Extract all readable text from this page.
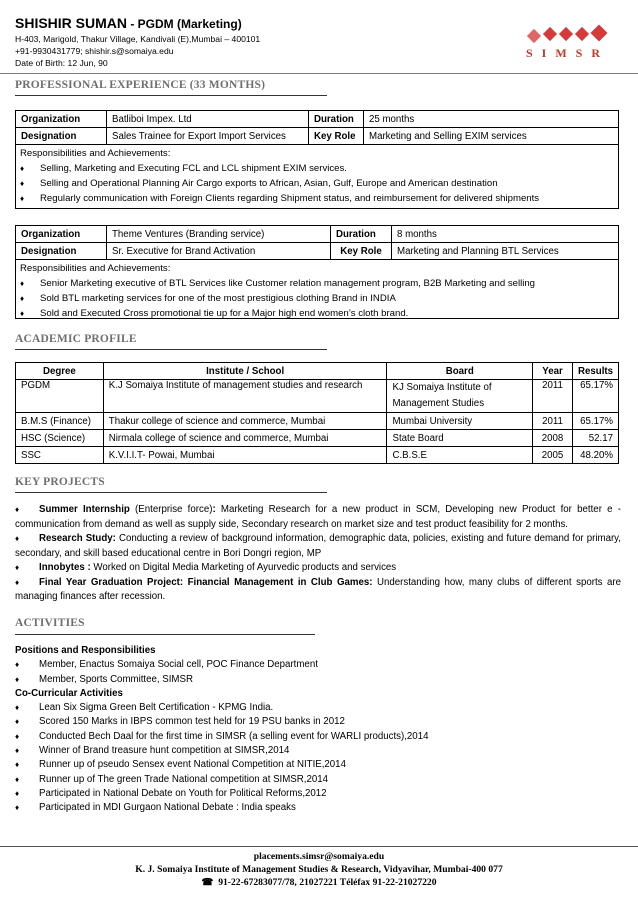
SHISHIR SUMAN - PGDM (Marketing)
H-403, Marigold, Thakur Village, Kandivali (E),Mumbai – 400101
+91-9930431779; shishir.s@somaiya.edu
Date of Birth: 12 Jun, 90
SIMSR
PROFESSIONAL EXPERIENCE (33 MONTHS)
Organization	Batliboi Impex. Ltd	Duration	25 months
Designation	Sales Trainee for Export Import Services	Key Role	Marketing and Selling EXIM services
Responsibilities and Achievements:
♦	Selling, Marketing and Executing FCL and LCL shipment EXIM services.
♦	Selling and Operational Planning Air Cargo exports to African, Asian, Gulf, Europe and American destination
♦	Regularly communication with Foreign Clients regarding Shipment status, and reimbursement for delivered shipments
Organization	Theme Ventures (Branding service)	Duration	8 months
Designation	Sr. Executive for Brand Activation	Key Role	Marketing and Planning BTL Services
Responsibilities and Achievements:
♦	Senior Marketing executive of BTL Services like Customer relation management program, B2B Marketing and selling
♦	Sold BTL marketing services for one of the most prestigious clothing Brand in INDIA
♦	Sold and Executed Cross promotional tie up for a Major high end women’s cloth brand.
ACADEMIC PROFILE
Degree	Institute / School	Board	Year	Results
PGDM	K.J Somaiya Institute of management studies and research	KJ Somaiya Institute of
Management Studies	2011	65.17%
B.M.S (Finance)	Thakur college of science and commerce, Mumbai	Mumbai University	2011	65.17%
HSC (Science)	Nirmala college of science and commerce, Mumbai	State Board	2008	52.17
SSC	K.V.I.I.T- Powai, Mumbai	C.B.S.E	2005	48.20%
KEY PROJECTS
♦ Summer Internship (Enterprise force): Marketing Research for a new product in SCM, Developing new Product for better e - communication from demand as well as supply side, Secondary research on market size and test product feasibility for 2 months.
♦ Research Study: Conducting a review of background information, demographic data, policies, existing and future demand for primary, secondary, and skill based educational centre in Bori Dongri region, MP
♦ Innobytes : Worked on Digital Media Marketing of Ayurvedic products and services
♦ Final Year Graduation Project: Financial Management in Club Games: Understanding how, many clubs of different sports are managing finances after recession.
ACTIVITIES
Positions and Responsibilities
♦	Member, Enactus Somaiya Social cell, POC Finance Department
♦	Member, Sports Committee, SIMSR
Co-Curricular Activities
♦	Lean Six Sigma Green Belt Certification - KPMG India.
♦	Scored 150 Marks in IBPS common test held for 19 PSU banks in 2012
♦	Conducted Bech Daal for the first time in SIMSR (a selling event for WARLI products),2014
♦	Winner of Brand treasure hunt competition at SIMSR,2014
♦	Runner up of pseudo Sensex event National Competition at NITIE,2014
♦	Runner up of The green Trade National competition at SIMSR,2014
♦	Participated in National Debate on Youth for Political Reforms,2012
♦	Participated in MDI Gurgaon National Debate : India speaks
placements.simsr@somaiya.edu
K. J. Somaiya Institute of Management Studies & Research, Vidyavihar, Mumbai-400 077
☎ 91-22-67283077/78, 21027221 Téléfax 91-22-21027220
